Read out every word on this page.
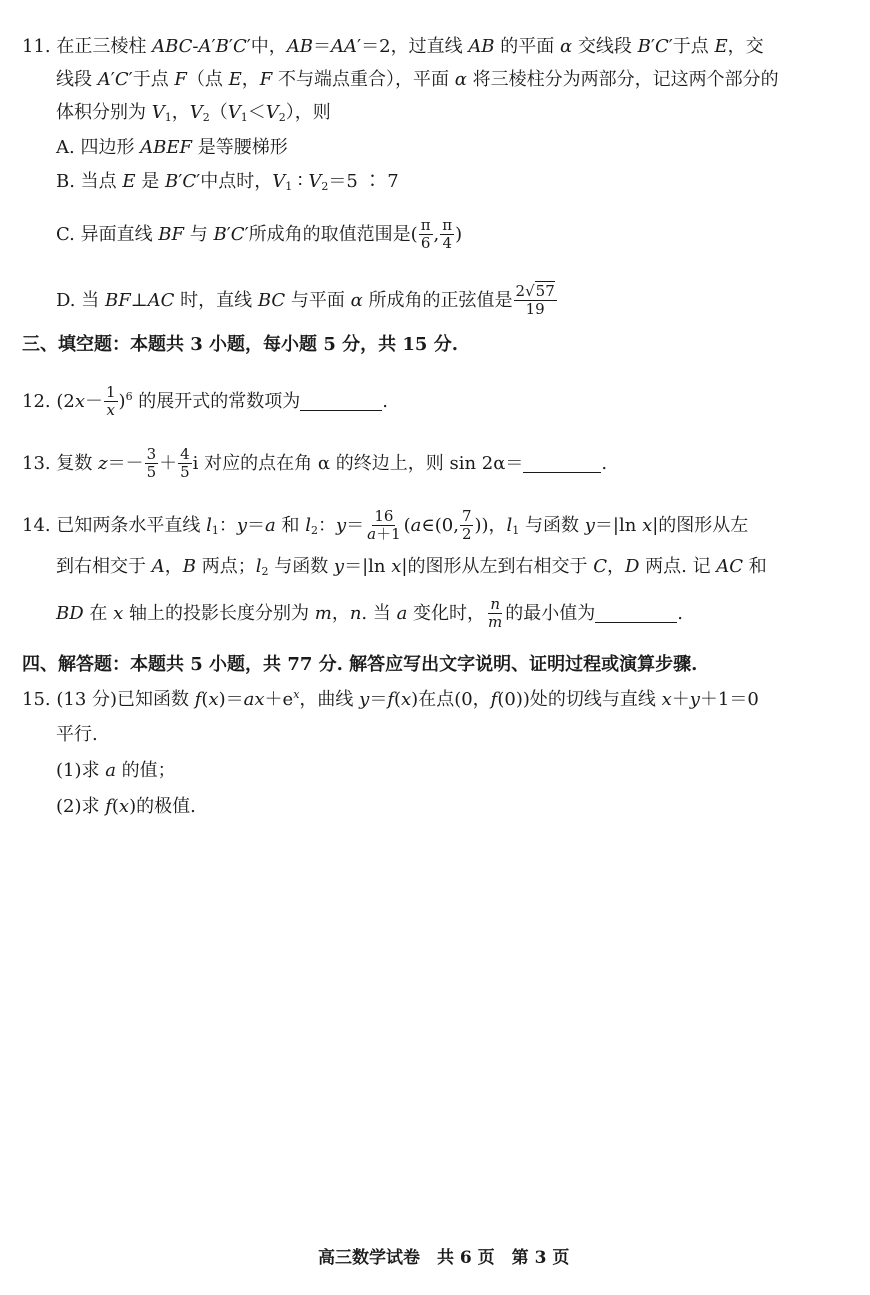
11. 在正三棱柱 ABC-A′B′C′中，AB＝AA′＝2，过直线 AB 的平面 α 交线段 B′C′于点 E，交
线段 A′C′于点 F（点 E，F 不与端点重合），平面 α 将三棱柱分为两部分，记这两个部分的
体积分别为 $V_1$，$V_2(V_1<V_2)$，则
A. 四边形 ABEF 是等腰梯形
B. 当点 E 是 B′C′中点时，$V_1$ ∶ $V_2=5$ ∶ 7
C. 异面直线 BF 与 B′C′所成角的取值范围是( $\frac{\pi}{6}$ , $\frac{\pi}{4}$ )
D. 当 BF⊥AC 时，直线 BC 与平面 α 所成角的正弦值是 $\frac{2√57}{19}$
三、填空题：本题共 3 小题，每小题 5 分，共 15 分.
12. $(2x- \frac{1}{x} )^6$ 的展开式的常数项为	.
13. 复数 $z=- \frac{3}{5} + \frac{4}{5}$ i 对应的点在角 α 的终边上，则 sin 2α＝	.
14. 已知两条水平直线 $l_1$：y＝a 和 $l_2$：$y= \frac{16}{a+1}$ (a∈(0, $\frac{7}{2}$ ))，$l_1$ 与函数 y＝|ln x|的图形从左
到右相交于 A，B 两点；$l_2$ 与函数 y＝|ln x|的图形从左到右相交于 C，D 两点. 记 AC 和
BD 在 x 轴上的投影长度分别为 m，n. 当 a 变化时， $\frac{n}{m}$ 的最小值为	.
四、解答题：本题共 5 小题，共 77 分. 解答应写出文字说明、证明过程或演算步骤.
15. (13 分)已知函数 $f(x)=ax+e^x$，曲线 y＝f(x)在点(0，f(0))处的切线与直线 x＋y＋1＝0
平行.
(1)求 a 的值；
(2)求 f(x)的极值.
高三数学试卷　共 6 页　第 3 页
